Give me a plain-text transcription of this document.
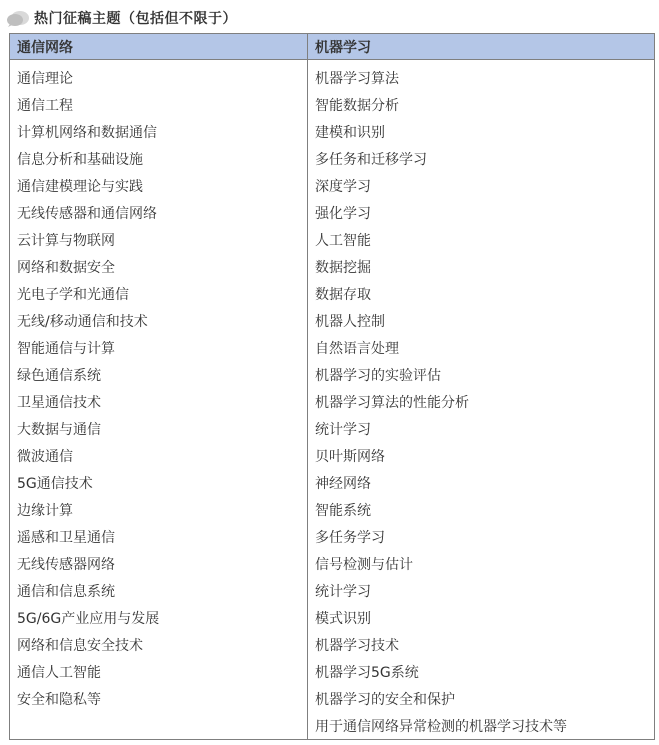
热门征稿主题（包括但不限于）
通信网络	机器学习
通信理论	机器学习算法
通信工程	智能数据分析
计算机网络和数据通信	建模和识别
信息分析和基础设施	多任务和迁移学习
通信建模理论与实践	深度学习
无线传感器和通信网络	强化学习
云计算与物联网	人工智能
网络和数据安全	数据挖掘
光电子学和光通信	数据存取
无线/移动通信和技术	机器人控制
智能通信与计算	自然语言处理
绿色通信系统	机器学习的实验评估
卫星通信技术	机器学习算法的性能分析
大数据与通信	统计学习
微波通信	贝叶斯网络
5G通信技术	神经网络
边缘计算	智能系统
遥感和卫星通信	多任务学习
无线传感器网络	信号检测与估计
通信和信息系统	统计学习
5G/6G产业应用与发展	模式识别
网络和信息安全技术	机器学习技术
通信人工智能	机器学习5G系统
安全和隐私等	机器学习的安全和保护
	用于通信网络异常检测的机器学习技术等
